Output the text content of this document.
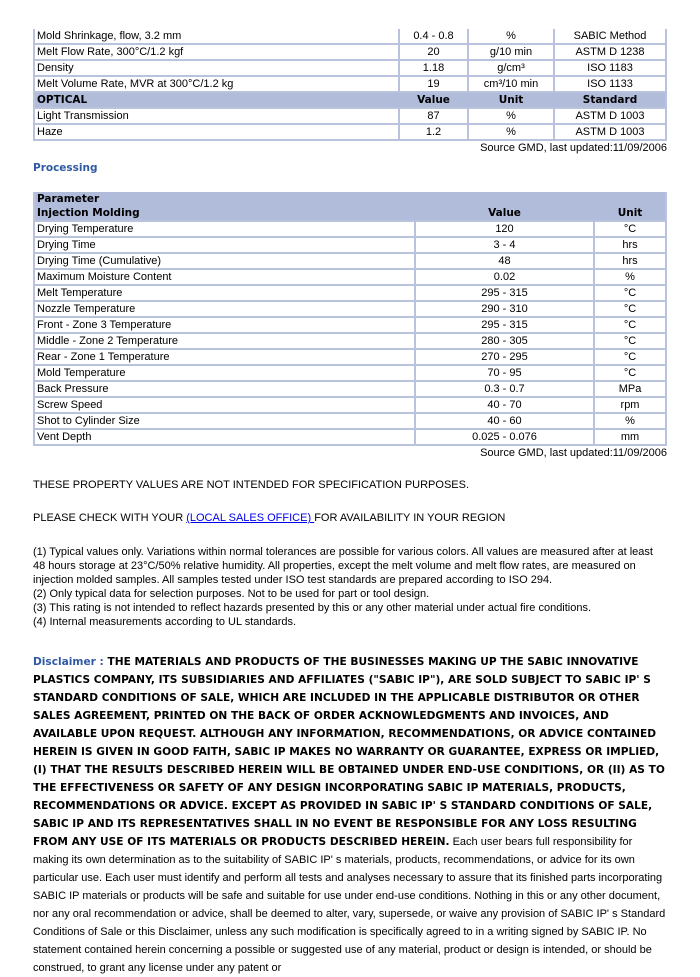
Mold Shrinkage, flow, 3.2 mm	0.4 - 0.8	%	SABIC Method
Melt Flow Rate, 300°C/1.2 kgf	20	g/10 min	ASTM D 1238
Density	1.18	g/cm³	ISO 1183
Melt Volume Rate, MVR at 300°C/1.2 kg	19	cm³/10 min	ISO 1133
OPTICAL	Value	Unit	Standard
Light Transmission	87	%	ASTM D 1003
Haze	1.2	%	ASTM D 1003
Source GMD, last updated:11/09/2006
Processing
Parameter		
Injection Molding	Value	Unit
Drying Temperature	120	°C
Drying Time	3 - 4	hrs
Drying Time (Cumulative)	48	hrs
Maximum Moisture Content	0.02	%
Melt Temperature	295 - 315	°C
Nozzle Temperature	290 - 310	°C
Front - Zone 3 Temperature	295 - 315	°C
Middle - Zone 2 Temperature	280 - 305	°C
Rear - Zone 1 Temperature	270 - 295	°C
Mold Temperature	70 - 95	°C
Back Pressure	0.3 - 0.7	MPa
Screw Speed	40 - 70	rpm
Shot to Cylinder Size	40 - 60	%
Vent Depth	0.025 - 0.076	mm
Source GMD, last updated:11/09/2006

THESE PROPERTY VALUES ARE NOT INTENDED FOR SPECIFICATION PURPOSES.

PLEASE CHECK WITH YOUR (LOCAL SALES OFFICE) FOR AVAILABILITY IN YOUR REGION

(1) Typical values only. Variations within normal tolerances are possible for various colors. All values are measured after at least 48 hours storage at 23°C/50% relative humidity. All properties, except the melt volume and melt flow rates, are measured on injection molded samples. All samples tested under ISO test standards are prepared according to ISO 294.

(2) Only typical data for selection purposes. Not to be used for part or tool design.

(3) This rating is not intended to reflect hazards presented by this or any other material under actual fire conditions.

(4) Internal measurements according to UL standards.

Disclaimer : THE MATERIALS AND PRODUCTS OF THE BUSINESSES MAKING UP THE SABIC INNOVATIVE PLASTICS COMPANY, ITS SUBSIDIARIES AND AFFILIATES ("SABIC IP"), ARE SOLD SUBJECT TO SABIC IP' S STANDARD CONDITIONS OF SALE, WHICH ARE INCLUDED IN THE APPLICABLE DISTRIBUTOR OR OTHER SALES AGREEMENT, PRINTED ON THE BACK OF ORDER ACKNOWLEDGMENTS AND INVOICES, AND AVAILABLE UPON REQUEST. ALTHOUGH ANY INFORMATION, RECOMMENDATIONS, OR ADVICE CONTAINED HEREIN IS GIVEN IN GOOD FAITH, SABIC IP MAKES NO WARRANTY OR GUARANTEE, EXPRESS OR IMPLIED, (I) THAT THE RESULTS DESCRIBED HEREIN WILL BE OBTAINED UNDER END-USE CONDITIONS, OR (II) AS TO THE EFFECTIVENESS OR SAFETY OF ANY DESIGN INCORPORATING SABIC IP MATERIALS, PRODUCTS, RECOMMENDATIONS OR ADVICE. EXCEPT AS PROVIDED IN SABIC IP' S STANDARD CONDITIONS OF SALE, SABIC IP AND ITS REPRESENTATIVES SHALL IN NO EVENT BE RESPONSIBLE FOR ANY LOSS RESULTING FROM ANY USE OF ITS MATERIALS OR PRODUCTS DESCRIBED HEREIN. Each user bears full responsibility for making its own determination as to the suitability of SABIC IP' s materials, products, recommendations, or advice for its own particular use. Each user must identify and perform all tests and analyses necessary to assure that its finished parts incorporating SABIC IP materials or products will be safe and suitable for use under end-use conditions. Nothing in this or any other document, nor any oral recommendation or advice, shall be deemed to alter, vary, supersede, or waive any provision of SABIC IP' s Standard Conditions of Sale or this Disclaimer, unless any such modification is specifically agreed to in a writing signed by SABIC IP. No statement contained herein concerning a possible or suggested use of any material, product or design is intended, or should be construed, to grant any license under any patent or
